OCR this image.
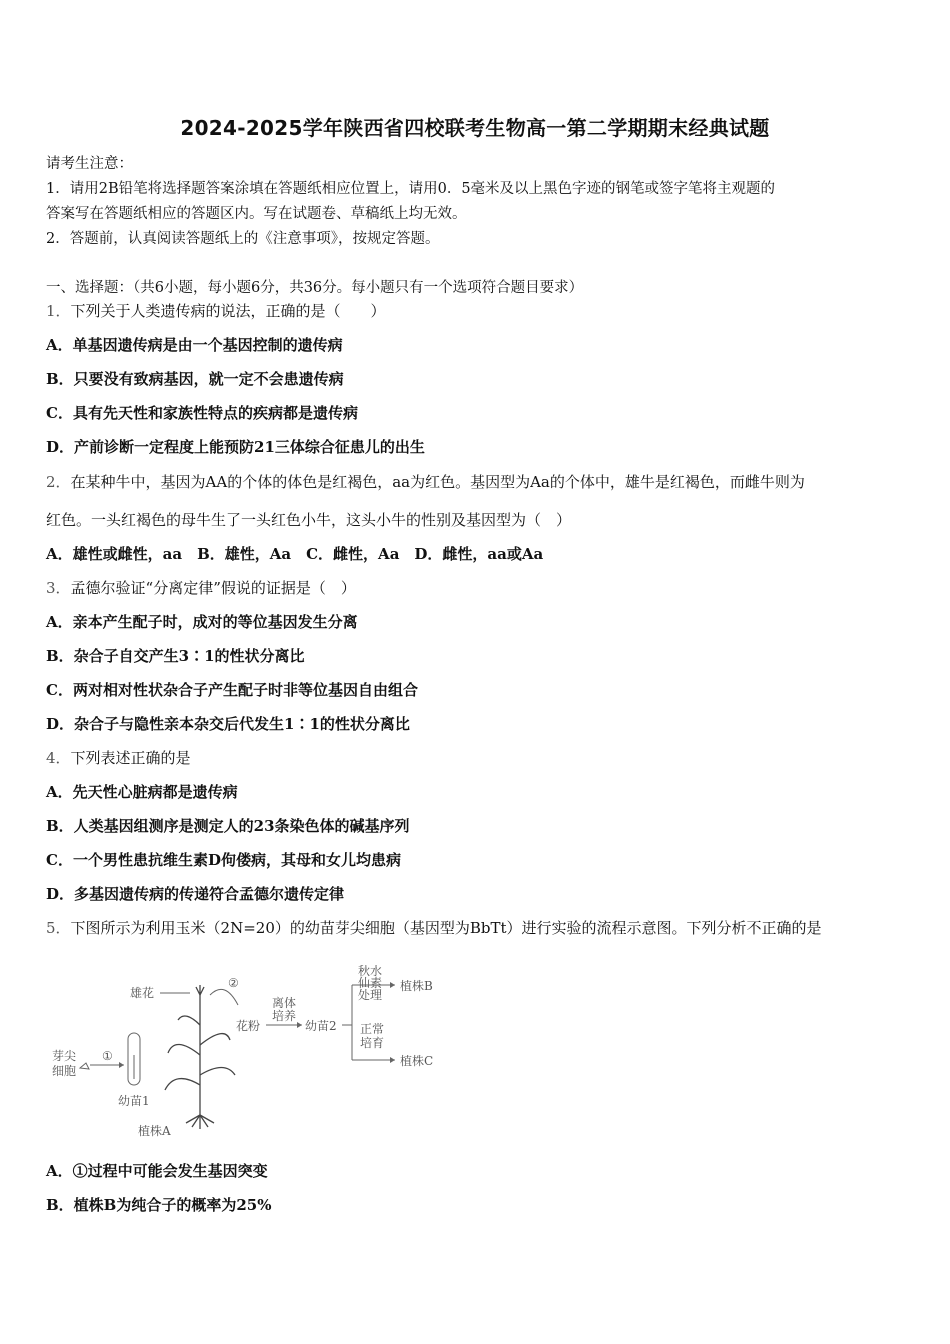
2024-2025学年陕西省四校联考生物高一第二学期期末经典试题
请考生注意：
1．请用2B铅笔将选择题答案涂填在答题纸相应位置上，请用0．5毫米及以上黑色字迹的钢笔或签字笔将主观题的
答案写在答题纸相应的答题区内。写在试题卷、草稿纸上均无效。
2．答题前，认真阅读答题纸上的《注意事项》，按规定答题。
一、选择题：（共6小题，每小题6分，共36分。每小题只有一个选项符合题目要求）
1．下列关于人类遗传病的说法，正确的是（　　）
A．单基因遗传病是由一个基因控制的遗传病
B．只要没有致病基因，就一定不会患遗传病
C．具有先天性和家族性特点的疾病都是遗传病
D．产前诊断一定程度上能预防21三体综合征患儿的出生
2．在某种牛中，基因为AA的个体的体色是红褐色，aa为红色。基因型为Aa的个体中，雄牛是红褐色，而雌牛则为
红色。一头红褐色的母牛生了一头红色小牛，这头小牛的性别及基因型为（　）
A．雄性或雌性，aa　B．雄性，Aa　C．雌性，Aa　D．雌性，aa或Aa
3．孟德尔验证“分离定律”假说的证据是（　）
A．亲本产生配子时，成对的等位基因发生分离
B．杂合子自交产生3∶1的性状分离比
C．两对相对性状杂合子产生配子时非等位基因自由组合
D．杂合子与隐性亲本杂交后代发生1∶1的性状分离比
4．下列表述正确的是
A．先天性心脏病都是遗传病
B．人类基因组测序是测定人的23条染色体的碱基序列
C．一个男性患抗维生素D佝偻病，其母和女儿均患病
D．多基因遗传病的传递符合孟德尔遗传定律
5．下图所示为利用玉米（2N=20）的幼苗芽尖细胞（基因型为BbTt）进行实验的流程示意图。下列分析不正确的是
芽尖
细胞
①
幼苗1
植株A
雄花
②
花粉
离体
培养
幼苗2
秋水
仙素
处理
正常
培育
植株B
植株C
A．①过程中可能会发生基因突变
B．植株B为纯合子的概率为25%
